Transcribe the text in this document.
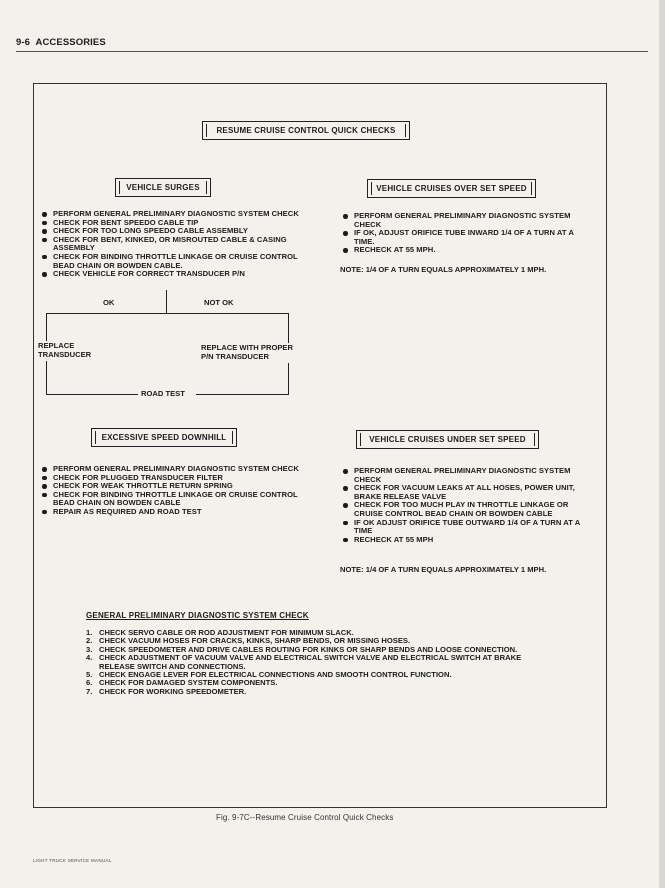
9-6 ACCESSORIES
RESUME CRUISE CONTROL QUICK CHECKS
VEHICLE SURGES
PERFORM GENERAL PRELIMINARY DIAGNOSTIC SYSTEM CHECK
CHECK FOR BENT SPEEDO CABLE TIP
CHECK FOR TOO LONG SPEEDO CABLE ASSEMBLY
CHECK FOR BENT, KINKED, OR MISROUTED CABLE & CASING ASSEMBLY
CHECK FOR BINDING THROTTLE LINKAGE OR CRUISE CONTROL BEAD CHAIN OR BOWDEN CABLE.
CHECK VEHICLE FOR CORRECT TRANSDUCER P/N
OK	NOT OK
REPLACE
TRANSDUCER
REPLACE WITH PROPER
P/N TRANSDUCER
ROAD TEST
VEHICLE CRUISES OVER SET SPEED
PERFORM GENERAL PRELIMINARY DIAGNOSTIC SYSTEM CHECK
IF OK, ADJUST ORIFICE TUBE INWARD 1/4 OF A TURN AT A TIME.
RECHECK AT 55 MPH.
NOTE: 1/4 OF A TURN EQUALS APPROXIMATELY 1 MPH.
EXCESSIVE SPEED DOWNHILL
PERFORM GENERAL PRELIMINARY DIAGNOSTIC SYSTEM CHECK
CHECK FOR PLUGGED TRANSDUCER FILTER
CHECK FOR WEAK THROTTLE RETURN SPRING
CHECK FOR BINDING THROTTLE LINKAGE OR CRUISE CONTROL BEAD CHAIN ON BOWDEN CABLE
REPAIR AS REQUIRED AND ROAD TEST
VEHICLE CRUISES UNDER SET SPEED
PERFORM GENERAL PRELIMINARY DIAGNOSTIC SYSTEM CHECK
CHECK FOR VACUUM LEAKS AT ALL HOSES, POWER UNIT, BRAKE RELEASE VALVE
CHECK FOR TOO MUCH PLAY IN THROTTLE LINKAGE OR CRUISE CONTROL BEAD CHAIN OR BOWDEN CABLE
IF OK ADJUST ORIFICE TUBE OUTWARD 1/4 OF A TURN AT A TIME
RECHECK AT 55 MPH
NOTE: 1/4 OF A TURN EQUALS APPROXIMATELY 1 MPH.
GENERAL PRELIMINARY DIAGNOSTIC SYSTEM CHECK
1. CHECK SERVO CABLE OR ROD ADJUSTMENT FOR MINIMUM SLACK.
2. CHECK VACUUM HOSES FOR CRACKS, KINKS, SHARP BENDS, OR MISSING HOSES.
3. CHECK SPEEDOMETER AND DRIVE CABLES ROUTING FOR KINKS OR SHARP BENDS AND LOOSE CONNECTION.
4. CHECK ADJUSTMENT OF VACUUM VALVE AND ELECTRICAL SWITCH VALVE AND ELECTRICAL SWITCH AT BRAKE RELEASE SWITCH AND CONNECTIONS.
5. CHECK ENGAGE LEVER FOR ELECTRICAL CONNECTIONS AND SMOOTH CONTROL FUNCTION.
6. CHECK FOR DAMAGED SYSTEM COMPONENTS.
7. CHECK FOR WORKING SPEEDOMETER.
Fig. 9-7C--Resume Cruise Control Quick Checks
LIGHT TRUCK SERVICE MANUAL
